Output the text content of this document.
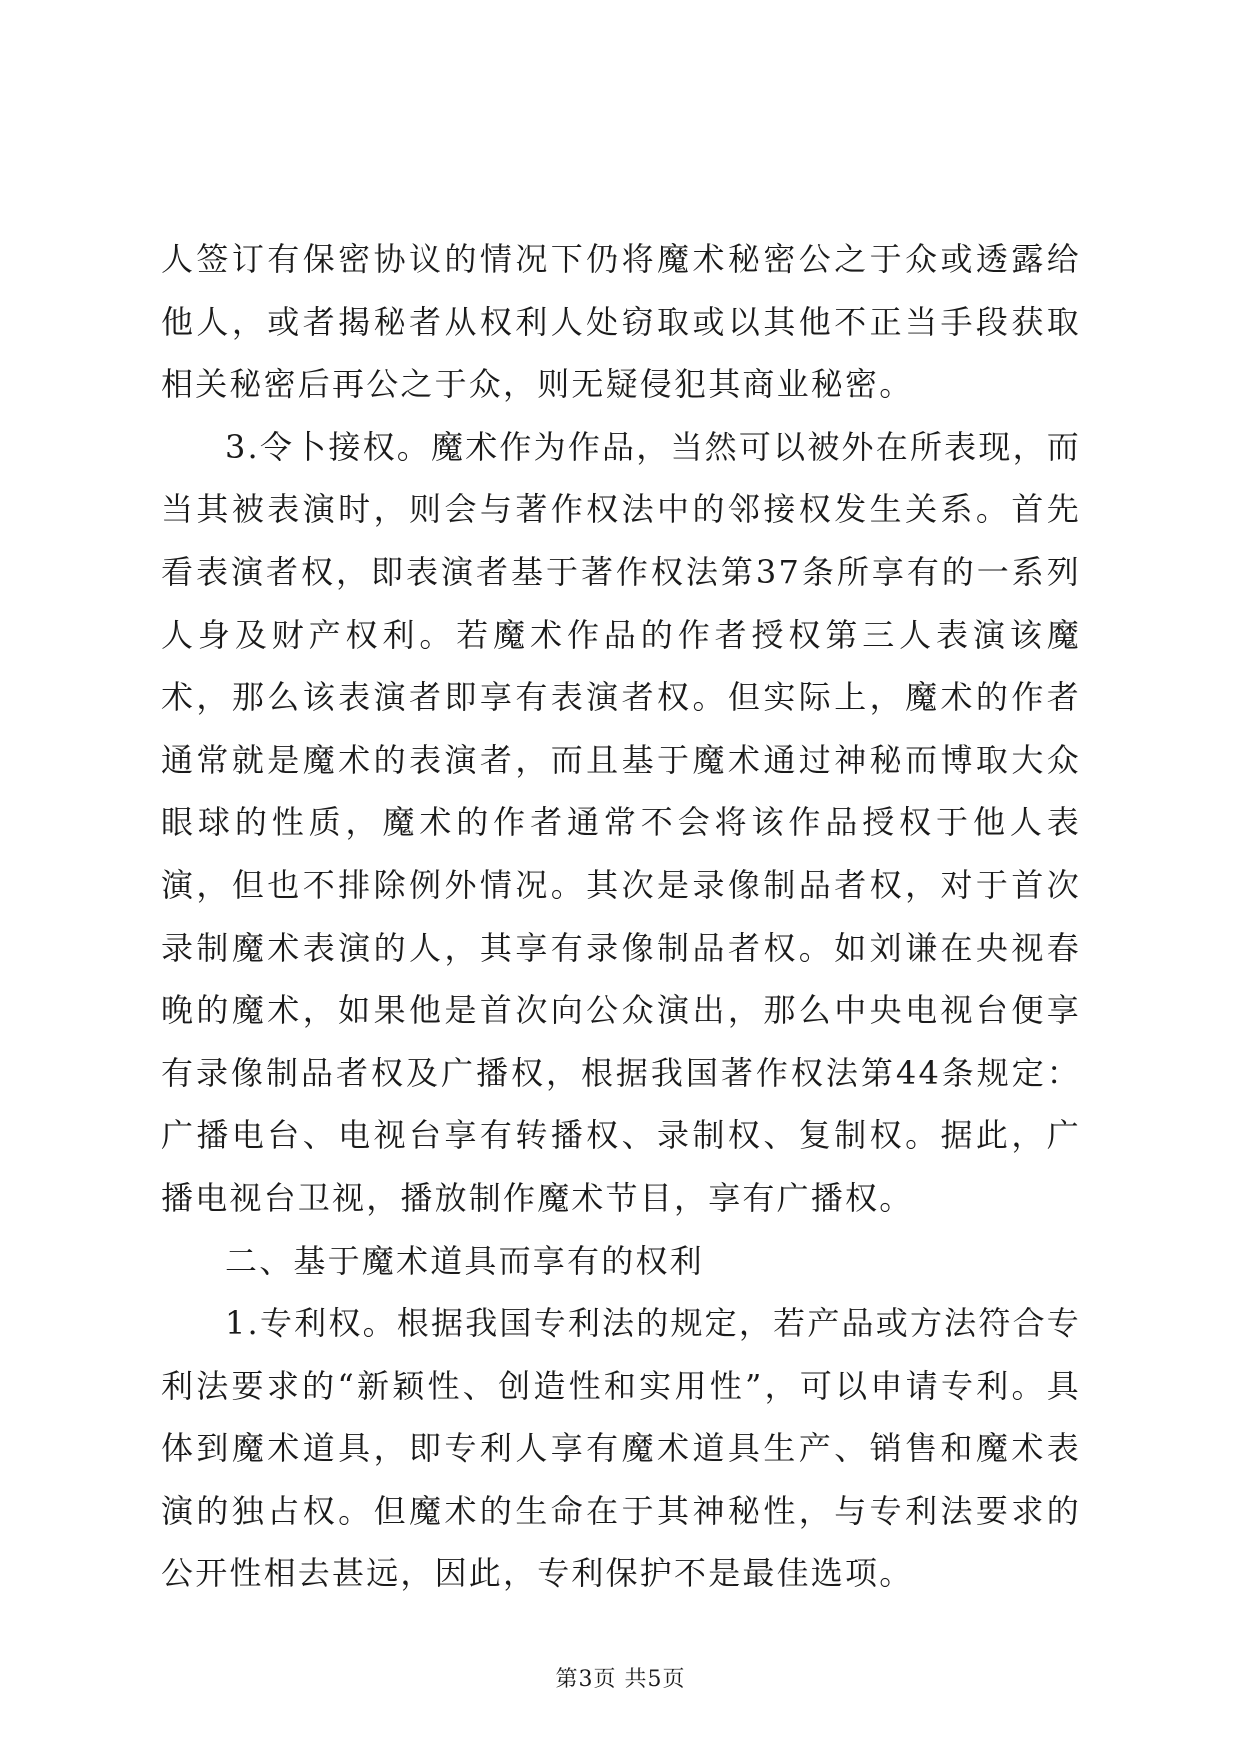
人签订有保密协议的情况下仍将魔术秘密公之于众或透露给他人，或者揭秘者从权利人处窃取或以其他不正当手段获取相关秘密后再公之于众，则无疑侵犯其商业秘密。

3.令卜接权。魔术作为作品，当然可以被外在所表现，而当其被表演时，则会与著作权法中的邻接权发生关系。首先看表演者权，即表演者基于著作权法第37条所享有的一系列人身及财产权利。若魔术作品的作者授权第三人表演该魔术，那么该表演者即享有表演者权。但实际上，魔术的作者通常就是魔术的表演者，而且基于魔术通过神秘而博取大众眼球的性质，魔术的作者通常不会将该作品授权于他人表演，但也不排除例外情况。其次是录像制品者权，对于首次录制魔术表演的人，其享有录像制品者权。如刘谦在央视春晚的魔术，如果他是首次向公众演出，那么中央电视台便享有录像制品者权及广播权，根据我国著作权法第44条规定：广播电台、电视台享有转播权、录制权、复制权。据此，广播电视台卫视，播放制作魔术节目，享有广播权。

二、基于魔术道具而享有的权利

1.专利权。根据我国专利法的规定，若产品或方法符合专利法要求的“新颖性、创造性和实用性”，可以申请专利。具体到魔术道具，即专利人享有魔术道具生产、销售和魔术表演的独占权。但魔术的生命在于其神秘性，与专利法要求的公开性相去甚远，因此，专利保护不是最佳选项。

第3页 共5页
